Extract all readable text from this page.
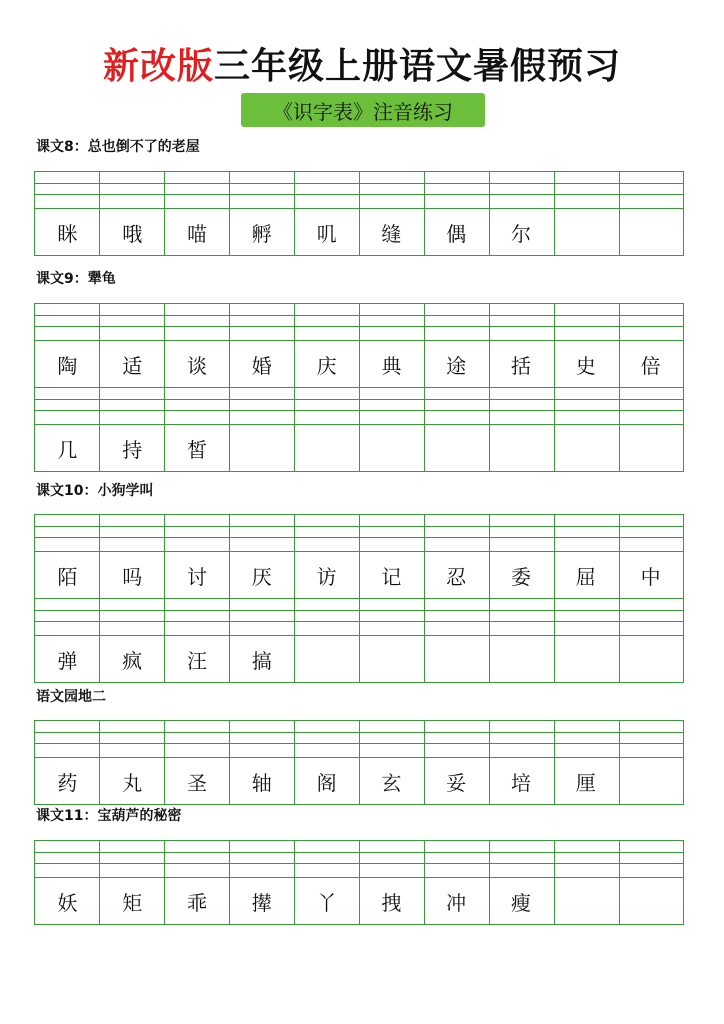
新改版三年级上册语文暑假预习
《识字表》注音练习
课文8：总也倒不了的老屋
眯	哦	喵	孵	叽	缝	偶	尔
课文9：犟龟
陶	适	谈	婚	庆	典	途	括	史	倍
几	持	皙
课文10：小狗学叫
陌	吗	讨	厌	访	记	忍	委	屈	中
弹	疯	汪	搞
语文园地二
药	丸	圣	轴	阁	玄	妥	培	厘
课文11：宝葫芦的秘密
妖	矩	乖	撵	丫	拽	冲	瘦
